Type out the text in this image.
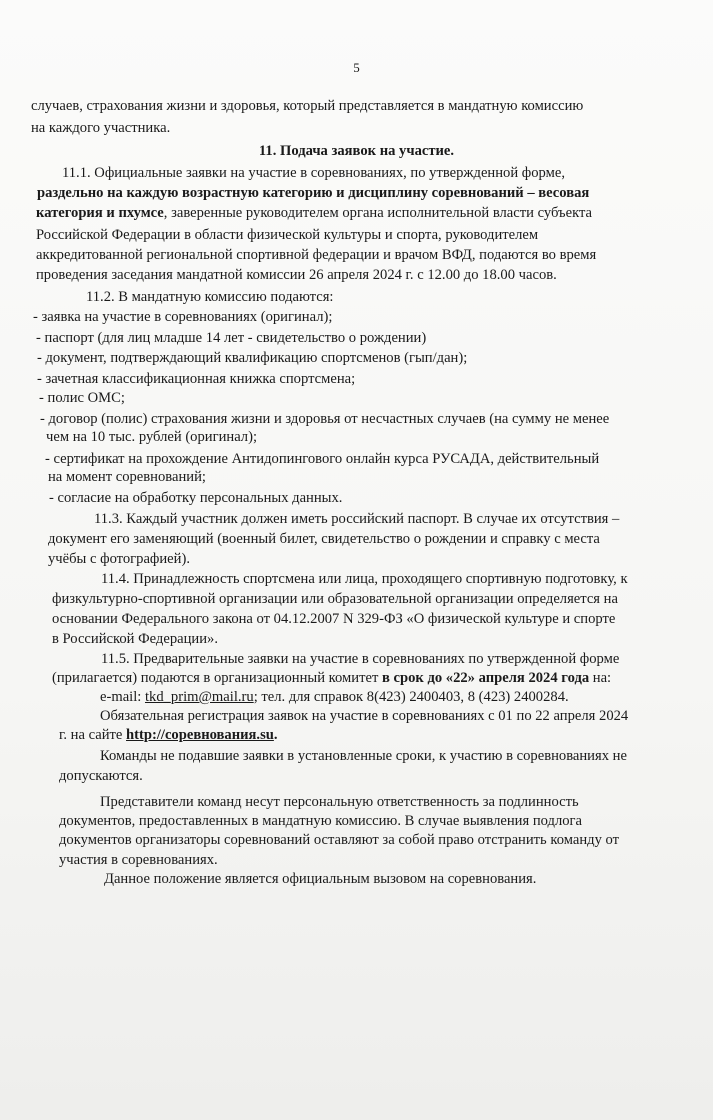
5
случаев, страхования жизни и здоровья, который представляется в мандатную комиссию
на каждого участника.
11. Подача заявок на участие.
11.1. Официальные заявки на участие в соревнованиях, по утвержденной форме,
раздельно на каждую возрастную категорию и дисциплину соревнований – весовая
категория и пхумсе, заверенные руководителем органа исполнительной власти субъекта
Российской Федерации в области физической культуры и спорта, руководителем
аккредитованной региональной спортивной федерации и врачом ВФД, подаются во время
проведения заседания мандатной комиссии 26 апреля 2024 г. с 12.00 до 18.00 часов.
11.2. В мандатную комиссию подаются:
- заявка на участие в соревнованиях (оригинал);
- паспорт (для лиц младше 14 лет - свидетельство о рождении)
- документ, подтверждающий квалификацию спортсменов (гып/дан);
- зачетная классификационная книжка спортсмена;
- полис ОМС;
- договор (полис) страхования жизни и здоровья от несчастных случаев (на сумму не менее
чем на 10 тыс. рублей (оригинал);
- сертификат на прохождение Антидопингового онлайн курса РУСАДА, действительный
на момент соревнований;
- согласие на обработку персональных данных.
11.3. Каждый участник должен иметь российский паспорт. В случае их отсутствия –
документ его заменяющий (военный билет, свидетельство о рождении и справку с места
учёбы с фотографией).
11.4. Принадлежность спортсмена или лица, проходящего спортивную подготовку, к
физкультурно-спортивной организации или образовательной организации определяется на
основании Федерального закона от 04.12.2007 N 329-ФЗ «О физической культуре и спорте
в Российской Федерации».
11.5. Предварительные заявки на участие в соревнованиях по утвержденной форме
(прилагается) подаются в организационный комитет в срок до «22» апреля 2024 года на:
e-mail: tkd_prim@mail.ru; тел. для справок 8(423) 2400403, 8 (423) 2400284.
Обязательная регистрация заявок на участие в соревнованиях с 01 по 22 апреля 2024
г. на сайте http://соревнования.su.
Команды не подавшие заявки в установленные сроки, к участию в соревнованиях не
допускаются.
Представители команд несут персональную ответственность за подлинность
документов, предоставленных в мандатную комиссию. В случае выявления подлога
документов организаторы соревнований оставляют за собой право отстранить команду от
участия в соревнованиях.
Данное положение является официальным вызовом на соревнования.
